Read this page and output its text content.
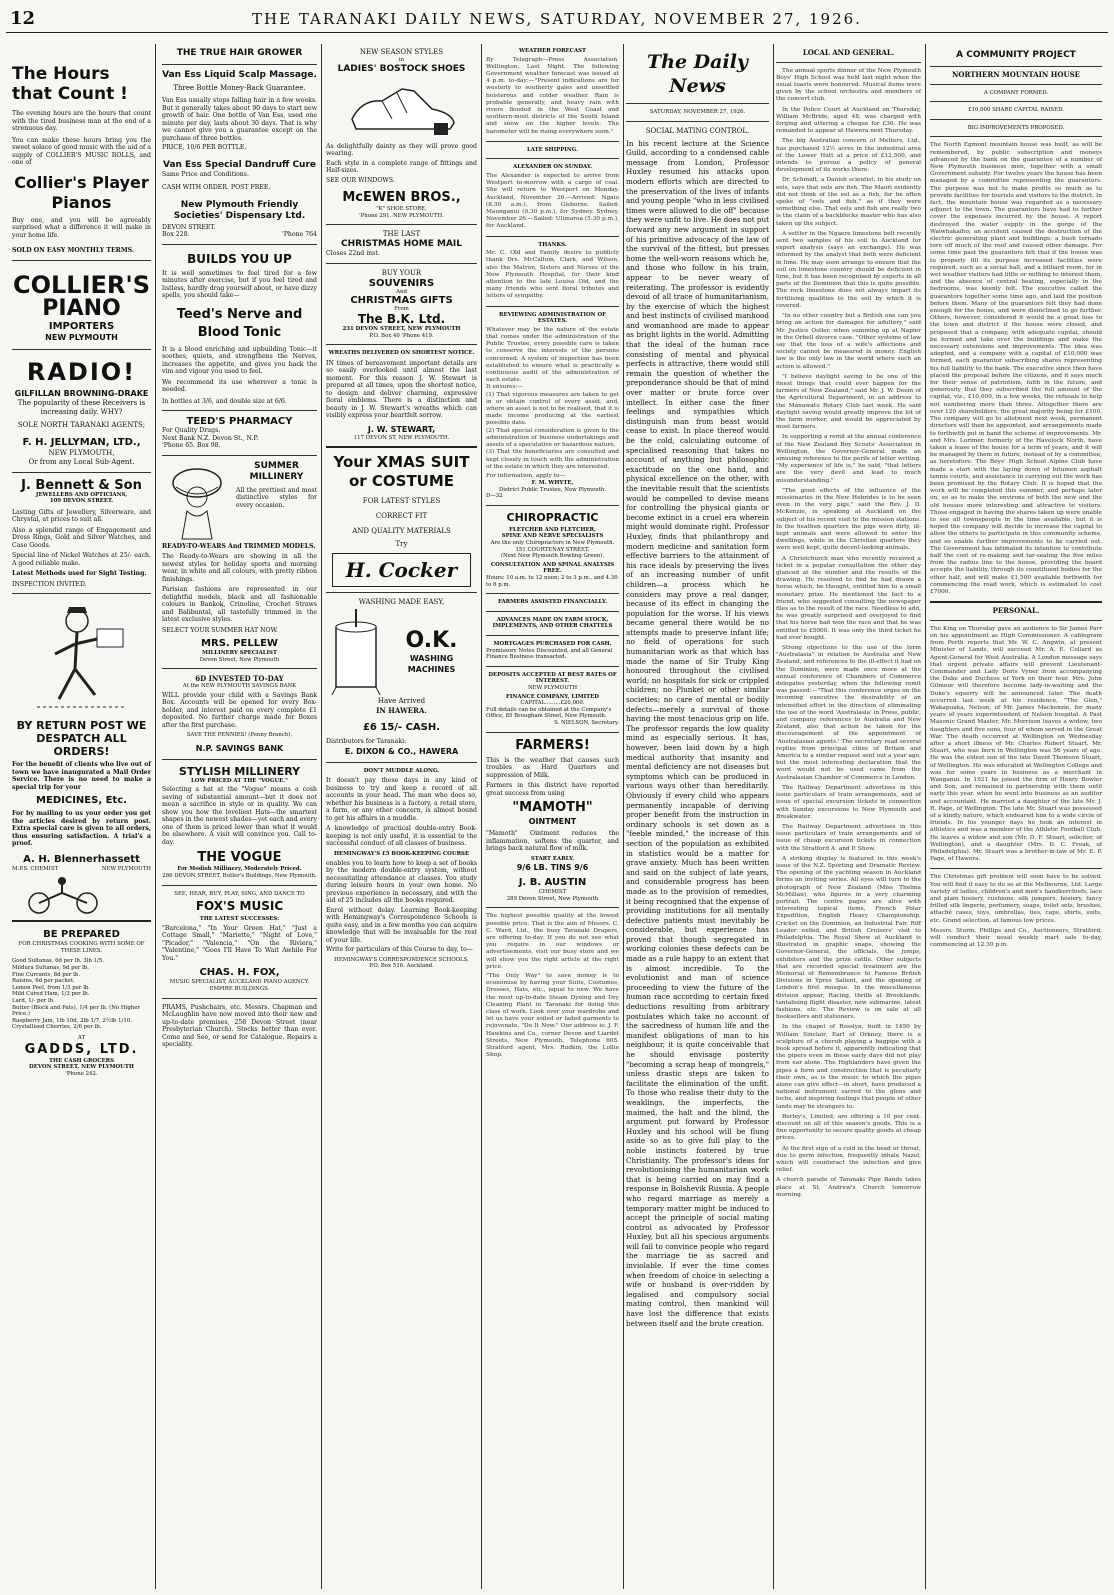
12	THE TARANAKI DAILY NEWS, SATURDAY, NOVEMBER 27, 1926.
The Hours that Count !
The evening hours are the hours that count with the tired business man at the end of a strenuous day.
You can make these hours bring you the sweet solace of good music with the aid of a supply of COLLIER'S MUSIC ROLLS, and one of
Collier's Player Pianos
Buy one, and you will be agreeably surprised what a difference it will make in your home life.
SOLD ON EASY MONTHLY TERMS.
COLLIER'S
PIANO
IMPORTERS
NEW PLYMOUTH
RADIO!
GILFILLAN BROWNING-DRAKE
The popularity of these Receivers is increasing daily. WHY?
SOLE NORTH TARANAKI AGENTS;
F. H. JELLYMAN, LTD.,
NEW PLYMOUTH,
Or from any Local Sub-Agent.
J. Bennett & Son
JEWELLERS AND OPTICIANS,
109 DEVON STREET.
Lasting Gifts of Jewellery, Silverware, and Chrystal, at prices to suit all.
Also a splendid range of Engagement and Dress Rings, Gold and Silver Watches, and Case Goods.
Special line of Nickel Watches at 25/- each. A good reliable make.
Latest Methods used for Sight Testing.
INSPECTION INVITED.
BY RETURN POST WE DESPATCH ALL ORDERS!
For the benefit of clients who live out of town we have inaugurated a Mail Order Service. There is no need to make a special trip for your
MEDICINES, Etc.
For by mailing to us your order you get the articles desired by return post. Extra special care is given to all orders, thus ensuring satisfaction. A trial's a proof.
A. H. Blennerhassett
M.P.S. CHEMIST	NEW PLYMOUTH
BE PREPARED
FOR CHRISTMAS COOKING WITH SOME OF THESE LINES.
Good Sultanas, 6d per lb. 3lb 1/5.
Mildura Sultanas, 9d per lb.
Fine Currants, 8d per lb.
Raisins, 6d per packet.
Lemon Peel, from 1/3 per lb.
Mild Cured Ham, 1/3 per lb.
Lard, 1/- per lb.
Butter (Block and Pats), 1/4 per lb. (No Higher Price.)
Raspberry Jam, 1lb 10d, 2lb 1/7, 2½lb 1/10.
Crystallised Cherries, 2/6 per lb.
AT
GADDS, LTD.
THE CASH GROCERS
DEVON STREET, NEW PLYMOUTH
'Phone 242.
THE TRUE HAIR GROWER
Van Ess Liquid Scalp Massage.
Three Bottle Money-Back Guarantee.
Van Ess usually stops falling hair in a few weeks. But it generally takes about 90 days to start new growth of hair. One bottle of Van Ess, used one minute per day, lasts about 30 days. That is why we cannot give you a guarantee except on the purchase of three bottles.
PRICE, 10/6 PER BOTTLE.
Van Ess Special Dandruff Cure
Same Price and Conditions.
CASH WITH ORDER. POST FREE.
New Plymouth Friendly Societies' Dispensary Ltd.
DEVON STREET.
Box 228.	'Phone 764
BUILDS YOU UP
It is well sometimes to feel tired for a few minutes after exercise, but if you feel tired and listless, hardly drag yourself about, or have dizzy spells, you should take—
Teed's Nerve and Blood Tonic
It is a blood enriching and upbuilding Tonic—it soothes, quiets, and strengthens the Nerves, increases the appetite, and gives you back the vim and vigour you used to feel.
We recommend its use wherever a tonic is needed.
In bottles at 3/6, and double size at 6/6.
TEED'S PHARMACY
For Quality Drugs.
Next Bank N.Z. Devon St., N.P.
'Phone 65. Box 98.
SUMMER MILLINERY
All the prettiest and most distinctive styles for every occasion.
READY-TO-WEARS And TRIMMED MODELS.
The Ready-to-Wears are showing in all the newest styles for holiday sports and morning wear, in white and all colours, with pretty ribbon finishings.
Parisian fashions are represented in our delightful models, black and all fashionable colours in Bankok, Crinoline, Crochet Straws and Balibuntal, all tastefully trimmed in the latest exclusive styles.
SELECT YOUR SUMMER HAT NOW.
MRS. PELLEW
MILLINERY SPECIALIST
Devon Street, New Plymouth
6D INVESTED TO-DAY
At the NEW PLYMOUTH SAVINGS BANK
WILL provide your child with a Savings Bank Box. Accounts will be opened for every Box-holder, and interest paid on every complete £1 deposited. No further charge made for Boxes after the first purchase.
SAVE THE PENNIES! (Penny Branch).
N.P. SAVINGS BANK
STYLISH MILLINERY
LOW PRICED AT THE "VOGUE."
Selecting a hat at the "Vogue" means a cosh saving of substantial amount—but it does not mean a sacrifice in style or in quality. We can show you how the loveliest Hats—the smartest shapes in the newest shades—yet each and every one of them is priced lower than what it would be elsewhere. A visit will convince you. Call to-day.
THE VOGUE
For Modish Millinery, Moderately Priced.
286 DEVON STREET, Butler's Buildings, New Plymouth.
SEE, HEAR, BUY, PLAY, SING, AND DANCE TO
FOX'S MUSIC
THE LATEST SUCCESSES:
"Barcelona," "In Your Green Hat," "Just a Cottage Small," "Mariette," "Night of Love," "Picador," "Valencia," "On the Riviera," "Valentine," "Goes I'll Have To Wait Awhile For You."
CHAS. H. FOX,
MUSIC SPECIALIST, AUCKLAND PIANO AGENCY.
EMPIRE BUILDINGS.
PRAMS, Pushchairs, etc. Messrs. Chapman and McLaughlin have now moved into their new and up-to-date premises, 258 Devon Street (near Presbyterian Church). Stocks better than ever. Come and See, or send for Catalogue. Repairs a speciality.
NEW SEASON STYLES
in
LADIES' BOSTOCK SHOES
As delightfully dainty as they will prove good wearing.
Each style in a complete range of fittings and Half-sizes.
SEE OUR WINDOWS.
McEWEN BROS.,
"K" SHOE STORE,
'Phone 291. NEW PLYMOUTH.
THE LAST
CHRISTMAS HOME MAIL
Closes 22nd inst.
BUY YOUR
SOUVENIRS
And
CHRISTMAS GIFTS
From
The B.K. Ltd.
231 DEVON STREET, NEW PLYMOUTH
P.O. Box 40 'Phone 419.
WREATHS DELIVERED ON SHORTEST NOTICE.
IN times of bereavement important details are so easily overlooked until almost the last moment. For this reason J. W. Stewart is prepared at all times, upon the shortest notice, to design and deliver charming, expressive floral emblems. There is a distinction and beauty in J. W. Stewart's wreaths which can visibly express your heartfelt sorrow.
J. W. STEWART,
117 DEVON ST, NEW PLYMOUTH.
Your XMAS SUIT or COSTUME
FOR LATEST STYLES
CORRECT FIT
AND QUALITY MATERIALS
Try
H. Cocker
WASHING MADE EASY,
O.K.
WASHING MACHINES
Have Arrived
IN HAWERA.
£6 15/- CASH.
Distributors for Taranaki:
E. DIXON & CO., HAWERA
DON'T MUDDLE ALONG.
It doesn't pay these days in any kind of business to try and keep a record of all accounts in your head. The man who does so, whether his business is a factory, a retail store, a farm, or any other concern, is almost bound to get his affairs in a muddle.
A knowledge of practical double-entry Book-keeping is not only useful, it is essential to the successful conduct of all classes of business.
HEMINGWAY'S £5 BOOK-KEEPING COURSE
enables you to learn how to keep a set of books by the modern double-entry system, without necessitating attendance at classes. You study during leisure hours in your own home. No previous experience in necessary, and with the aid of 25 includes all the books required.
Enrol without delay. Learning Book-keeping with Hemingway's Correspondence Schools is quite easy, and in a few months you can acquire knowledge that will be invaluable for the rest of your life.
Write for particulars of this Course to day, to—
HEMINGWAY'S CORRESPONDENCE SCHOOLS,
P.O. Box 516. Auckland.
WEATHER FORECAST
By Telegraph—Press Association. Wellington, Last Night. The following Government weather forecast was issued at 4 p.m. to-day:—"Present indications are for westerly to southerly gales and unsettled boisterous and colder weather. Rain is probable generally, and heavy rain with rivers flooded in the West Coast and southern-most districts of the South Island and snow on the higher levels. The barometer will be rising everywhere soon."
LATE SHIPPING.
ALEXANDER ON SUNDAY.
The Alexander is expected to arrive from Westport to-morrow with a cargo of coal. She will return to Westport on Monday. Auckland, November 26.—Arrived: Ngaio (8.30 a.m.), from Gisborne. Sailed: Maunganui (9.30 p.m.), for Sydney. Sydney, November 26.—Sailed: Ulimaroa (5.30 p.m.), for Auckland.
THANKS.
Mr. C. Old and Family desire to publicly thank Drs. McCallum, Clark, and Wilson, also the Matron, Sisters and Nurses of the New Plymouth Hospital, for their kind attention to the late Louisa Old, and the many friends who sent floral tributes and letters of sympathy.
REVIEWING ADMINISTRATION OF ESTATES.
Whatever may be the nature of the estate that comes under the administration of the Public Trustee, every possible care is taken to conserve the interests of the persons concerned. A system of inspection has been established to ensure what is practically a continuous audit of the administration of each estate.
It ensures:—
(1) That vigorous measures are taken to get in or obtain control of every asset, and, where an asset is not to be realised, that it is made income producing at the earliest possible date.
(2) That special consideration is given to the administration of business undertakings and assets of a speculative or hazardous nature.
(3) That the beneficiaries are consulted and kept closely in touch with the administration of the estate in which they are interested.
For information, apply to—
F. M. WHYTE,
District Public Trustee, New Plymouth.
D—32
CHIROPRACTIC
FLETCHER AND FLETCHER,
SPINE AND NERVE SPECIALISTS
Are the only Chiropractors in New Plymouth.
151 COURTENAY STREET.
(Next New Plymouth Bowling Green).
CONSULTATION AND SPINAL ANALYSIS FREE.
Hours: 10 a.m. to 12 noon; 2 to 3 p.m., and 4.30 to 6 p.m.
FARMERS ASSISTED FINANCIALLY.
ADVANCES MADE ON FARM STOCK, IMPLEMENTS, AND OTHER CHATTELS
MORTGAGES PURCHASED FOR CASH.
Promissory Notes Discounted, and all General Finance Business transacted.
DEPOSITS ACCEPTED AT BEST RATES OF INTEREST.
NEW PLYMOUTH
FINANCE COMPANY, LIMITED
CAPITAL.........£20,000.
Full details can be obtained at the Company's Office, 85 Brougham Street, New Plymouth.
S. NIELSON, Secretary.
FARMERS!
This is the weather that causes such troubles as Hard Quarters and suppression of Milk.
Farmers in this district have reported great success from using
"MAMOTH"
OINTMENT
"Mamoth" Ointment reduces the inflammation, softens the quarter, and brings back natural flow of milk.
START EARLY.
9/6 LB. TINS 9/6
J. B. AUSTIN
CHEMIST
289 Devon Street, New Plymouth
The highest possible quality at the lowest possible price. That is the aim of Messrs. C. C. Ward, Ltd., the busy Taranaki Drapers, are offering to-day. If you do not see what you require in our windows or advertisements, visit our busy store and we will show you the right article at the right price.
"The Only Way" to save money is to economise by having your Suits, Costumes, Dresses, Hats, etc., equal to new. We have the most up-to-date Steam Dyeing and Dry Cleaning Plant in Taranaki for doing this class of work. Look over your wardrobe and let us have your soiled or faded garments to rejuvenate. "Do It Now." Our address is: J. F. Hawkins and Co., corner Devon and Liardet Streets, New Plymouth. Telephone 605. Stratford agent, Mrs. Rudkin, the Lollie Shop.
The Daily News
SATURDAY, NOVEMBER 27, 1926.
SOCIAL MATING CONTROL.
In his recent lecture at the Science Guild, according to a condensed cable message from London, Professor Huxley resumed his attacks upon modern efforts which are directed to the preservation of the lives of infants and young people "who in less civilised times were allowed to die off" because they were unfit to live. He does not put forward any new argument in support of his primitive advocacy of the law of the survival of the fittest, but presses home the well-worn reasons which he, and those who follow in his train, appear to be never weary of reiterating. The professor is evidently devoid of all trace of humanitarianism, by the exercise of which the highest and best instincts of civilised manhood and womanhood are made to appear as bright lights in the world. Admitting that the ideal of the human race consisting of mental and physical perfects is attractive, there would still remain the question of whether the preponderance should be that of mind over matter or brute force over intellect. In either case the finer feelings and sympathies which distinguish man from beast would cease to exist. In place thereof would be the cold, calculating outcome of specialised reasoning that takes no account of anything but philosophic exactitude on the one hand, and physical excellence on the other, with the inevitable result that the scientists would be compelled to devise means for controlling the physical giants or become extinct in a cruel era wherein might would dominate right. Professor Huxley, finds that philanthropy and modern medicine and sanitation form effective barriers to the attainment of his race ideals by preserving the lives of an increasing number of unfit children—a process which he considers may prove a real danger, because of its effect in changing the population for the worse. If his views became general there would be no attempts made to preserve infant life; no field of operations for such humanitarian work as that which has made the name of Sir Truby King honoured throughout the civilised world; no hospitals for sick or crippled children; no Plunket or other similar societies; no care of mental or bodily defects—merely a survival of those having the most tenacious grip on life. The professor regards the low quality mind as especially serious. It has, however, been laid down by a high medical authority that insanity and mental deficiency are not diseases but symptoms which can be produced in various ways other than hereditarily. Obviously if every child who appears permanently incapable of deriving proper benefit from the instruction in ordinary schools is set down as a "feeble minded," the increase of this section of the population as exhibited in statistics would be a matter for grave anxiety. Much has been written and said on the subject of late years, and considerable progress has been made as to the provision of remedies, it being recognised that the expense of providing institutions for all mentally defective patients must inevitably be considerable, but experience has proved that though segregated in working colonies these defects can be made as a rule happy to an extent that is almost incredible. To the evolutionist and man of science proceeding to view the future of the human race according to certain fixed deductions resulting from arbitrary postulates which take no account of the sacredness of human life and the manifest obligations of man to his neighbour, it is quite conceivable that he should envisage posterity "becoming a scrap heap of mongrels," unless drastic steps are taken to facilitate the elimination of the unfit. To those who realise their duty to the weaklings, the imperfects, the maimed, the halt and the blind, the argument put forward by Professor Huxley and his school will be flung aside so as to give full play to the noble instincts fostered by true Christianity. The professor's ideas for revolutionising the humanitarian work that is being carried on may find a response in Bolshevik Russia. A people who regard marriage as merely a temporary matter might be induced to accept the principle of social mating control as advocated by Professor Huxley, but all his specious arguments will fail to convince people who regard the marriage tie as sacred and inviolable. If ever the time comes when freedom of choice in selecting a wife or husband is over-ridden by legalised and compulsory social mating control, then mankind will have lost the difference that exists between itself and the brute creation.
LOCAL AND GENERAL.
The annual sports dinner of the New Plymouth Boys' High School was held last night when the usual toasts were honoured. Musical items were given by the school orchestra and members of the concert club.
In the Police Court at Auckland on Thursday, William McBride, aged 48, was charged with forging and uttering a cheque for £36. He was remanded to appear at Hawera next Thursday.
The big Australian concern of Metters, Ltd., has purchased 12½ acres in the industrial area of the Lower Hutt at a price of £12,500, and intends to pursue a policy of general development of its works there.
Dr. Schmidt, a Danish scientist, in his study on eels, says that eels are fish. The Maori evidently did not think of the eel as a fish, for he often spoke of "eels and fish," as if they were something else. That eels and fish are really two is the claim of a backblocks master who has also taken up the subject.
A settler in the Ngaere limestone belt recently sent two samples of his soil to Auckland for expert analysis (says an exchange). He was informed by the analyst that both were deficient in lime. He may soon arrange to ensure that the soil on limestone country should be deficient in lime, but it has been recognised by experts in all parts of the Dominion that this is quite possible. The rock limestone does not always impart its fertilising qualities to the soil by which it is covered.
"In no other country but a British one can you bring an action for damages for adultery," said Mr. Justice Ostler, when summing up at Napier in the Orbell divorce case. "Other systems of law say that the loss of a wife's affections and society cannot be measured in money. English law is the only law in the world where such an action is allowed."
"I believe daylight saving to be one of the finest things that could ever happen for the farmers of New Zealand," said Mr. J. W. Deem of the Agricultural Department, in an address to the Manawatu Rotary Club last week. He said daylight saving would greatly improve the lot of the farm worker, and would be appreciated by most farmers.
In supporting a remit at the annual conference of the New Zealand Boy Scouts' Association in Wellington, the Governor-General made an amusing reference to the perils of letter writing. "My experience of life is," he said, "that letters are the very devil and lead to much misunderstanding."
"The good effects of the influence of the missionaries in the New Hebrides is to be seen even in the very pigs," said the Rev. J. D. McKenzie, in speaking at Auckland on the subject of his recent visit to the mission stations. In the heathen quarters the pigs were dirty, ill-kept animals and were allowed to enter the dwellings, while in the Christian quarters they were well kept, quite decent-looking animals.
A Christchurch man who recently received a ticket in a popular consultation the other day glanced at the number and the results of the drawing. He resolved to find he had drawn a horse which, he thought, entitled him to a small monetary prize. He mentioned the fact to a friend, who suggested consulting the newspaper files as to the result of the race. Needless to add, he was greatly surprised and overjoyed to find that his horse had won the race and that he was entitled to £5000. It was only the third ticket he had ever bought.
Strong objections to the use of the term "Australasia" in relation to Australia and New Zealand, and references to the ill-effect it had on the Dominion, were made once more at the annual conference of Chambers of Commerce delegates yesterday, when the following remit was passed:—"That this conference urges on the incoming executive the desirability of an intensified effort in the direction of eliminating the use of the word 'Australasia' in Press, public, and company references to Australia and New Zealand, also that action be taken for the discouragement of the appointment of 'Australasian agents.' The secretary read several replies from principal cities of Britain and America to a similar request sent out a year ago, but the most interesting declaration that the word would not be used came from the Australasian Chamber of Commerce in London.
The Railway Department advertises in this issue particulars of train arrangements, and of issue of special excursion tickets in connection with Sunday excursions to New Plymouth and Breakwater.
The Railway Department advertises in this issue particulars of train arrangements and of issue of cheap excursion tickets in connection with the Stratford A. and P. Show.
A striking display is featured in this week's issue of the N.Z. Sporting and Dramatic Review. The opening of the yachting season in Auckland forms an inviting series. All eyes will turn to the photograph of New Zealand (Miss Thelma McMillan), who figures in a very charming portrait. The centre pages are alive with interesting topical items, French Polar Expedition, English Heavy Championship, Cricket on the Dominion, an Industrial Fair, Riff Leader exiled, and British Cruisers' visit to Philadelphia. The Royal Show at Auckland is illustrated in graphic snaps, showing the Governor-General, the officials, the jumps, exhibitors and the prize cattle. Other subjects that are recorded special treatment are the Memorial of Remembrance to Famous British Divisions in Ypres Salient, and the opening of London's first mosque. In the miscellaneous division appear, Racing, thrills at Brooklands, tantalising flight disaster, new submarine, latest fashions, etc. The Review is on sale at all booksellers and stationers.
In the chapel of Rosslyn, built in 1450 by William Sinclair, Earl of Orkney, there is a sculpture of a cherub playing a bagpipe with a book spread before it, apparently indicating that the pipers even in these early days did not play from ear alone. The Highlanders have given the pipes a form and construction that is peculiarly their own, as is the music to which the pipes alone can give effect—in short, have produced a national instrument sacred to the glens and lochs, and inspiring feelings that people of other lands may be strangers to.
Berley's, Limited, are offering a 10 per cent. discount on all of this season's goods. This is a fine opportunity to secure quality goods at cheap prices.
At the first sign of a cold in the head or throat, due to germ infection, frequently inhale Nazol, which will counteract the infection and give relief.
A church parade of Taranaki Pipe Bands takes place at St. Andrew's Church tomorrow morning.
A COMMUNITY PROJECT
NORTHERN MOUNTAIN HOUSE
A COMPANY FORMED.
£10,000 SHARE CAPITAL RAISED.
BIG IMPROVEMENTS PROPOSED.
The North Egmont mountain house was built, as will be remembered, by public subscription and moneys advanced by the bank on the guarantee of a number of New Plymouth business men, together with a small Government subsidy. For twelve years the house has been managed by a committee representing the guarantors. The purpose was not to make profits so much as to provide facilities for tourists and visitors to the district. In fact, the mountain house was regarded as a necessary adjunct to the town. The guarantors have had to further cover the expenses incurred by the house. A report destroyed the water supply in the gorge of the Waiwhakaiho; an accident caused the destruction of the electric generating plant and buildings; a bush tornado tore off much of the roof and caused other damage. For some time past the guarantors felt that if the house was to properly fill its purpose increased facilities were required, such as a social hall, and a billiard room, for in wet weather visitors had little or nothing to interest them, and the absence of central heating, especially in the bedrooms, was keenly felt. The executive called the guarantors together some time ago, and laid the position before them. Many of the guarantors felt they had done enough for the house, and were disinclined to go further. Others, however, considered it would be a great loss to the town and district if the house were closed, and proposed that a company, with adequate capital, should be formed and take over the buildings and make the necessary extensions and improvements. The idea was adopted, and a company with a capital of £10,000 was formed, each guarantor subscribing shares representing his full liability to the bank. The executive since then have placed the proposal before the citizens, and it says much for their sense of patriotism, faith in the future, and generosity that they subscribed the full amount of the capital, viz., £10,000, in a few weeks, the refusals to help not numbering more than three. Altogether there are over 120 shareholders, the great majority being for £100. The company will go to allotment next week, permanent directors will then be appointed, and arrangements made to forthwith put in hand the scheme of improvements. Mr. and Mrs. Lorimer, formerly of the Havelock North, have taken a lease of the house for a term of years, and it will be managed by them in future, instead of by a committee, as heretofore. The Boys' High School Alpine Club have made a start with the laying down of bitumen asphalt tennis courts, and assistance in carrying out the work has been promised by the Rotary Club. It is hoped that the work will be completed this summer, and perhaps later on, so as to make the environs of both the new and the old houses more interesting and attractive to visitors. Those engaged in having the shares taken up were unable to see all townspeople in the time available, but it is hoped the company will decide to increase the capital to allow the others to participate in this community scheme, and so enable further improvements to be carried out. The Government has intimated its intention to contribute half the cost of re-making and tar-sealing the five miles from the radius line to the house, providing the board accepts the liability, through its constituent bodies for the other half, and will make £1,500 available forthwith for commencing the road work, which is estimated to cost £7000.
PERSONAL.
The King on Thursday gave an audience to Sir James Parr on his appointment as High Commissioner. A cablegram from Perth reports that Mr. W. C. Angwin, at present Minister of Lands, will succeed Mr. A. E. Collard as Agent-General for West Australia. A London message says that urgent private affairs will prevent Lieutenant-Commander and Lady Doris Vyner from accompanying the Duke and Duchess of York on their tour. Mrs. John Gilmour will therefore become lady-in-waiting and the Duke's equerry will be announced later. The death occurred last week at his residence, "The Glen," Wakapuaka, Nelson, of Mr. James Mackenzie, for many years of years superintendent of Nelson hospital. A Past Masonic Grand Master, Mr. Morrison leaves a widow, two daughters and five sons, four of whom served in the Great War. The death occurred at Wellington on Wednesday after a short illness of Mr. Charles Robert Stuart. Mr. Stuart, who was born in Wellington was 56 years of age. He was the eldest son of the late David Thomson Stuart, of Wellington. He was educated at Wellington College and was for some years in business as a merchant in Wanganui. In 1921 he joined the firm of Henry Bowler and Son, and remained in partnership with them until early this year, when he went into business as an auditor and accountant. He married a daughter of the late Mr. J. R. Page, of Wellington. The late Mr. Stuart was possessed of a kindly nature, which endeared him to a wide circle of friends. In his younger days he took an interest in athletics and was a member of the Athletic Football Club. He leaves a widow and son (Mr. D. F. Stuart, solicitor, of Wellington), and a daughter (Mrs. D. C. Freak, of Philadelphia). Mr. Stuart was a brother-in-law of Mr. E. P. Page, of Hawera.
The Christmas gift problem will soon have to be solved. You will find it easy to do so at the Melbourne, Ltd. Large variety of ladies, children's and men's handkerchiefs, lace and plain hosiery, cushions, silk jumpers, hosiery, fancy frilled silk lingerie, perfumery, soaps, toilet sets, brushes, attaché cases, toys, umbrellas, ties, caps, shirts, suits, etc. Grand selection, at famous low prices.
Messrs. Sturm, Phillips and Co., Auctioneers, Stratford, will conduct their usual weekly mart sale to-day, commencing at 12.30 p.m.
